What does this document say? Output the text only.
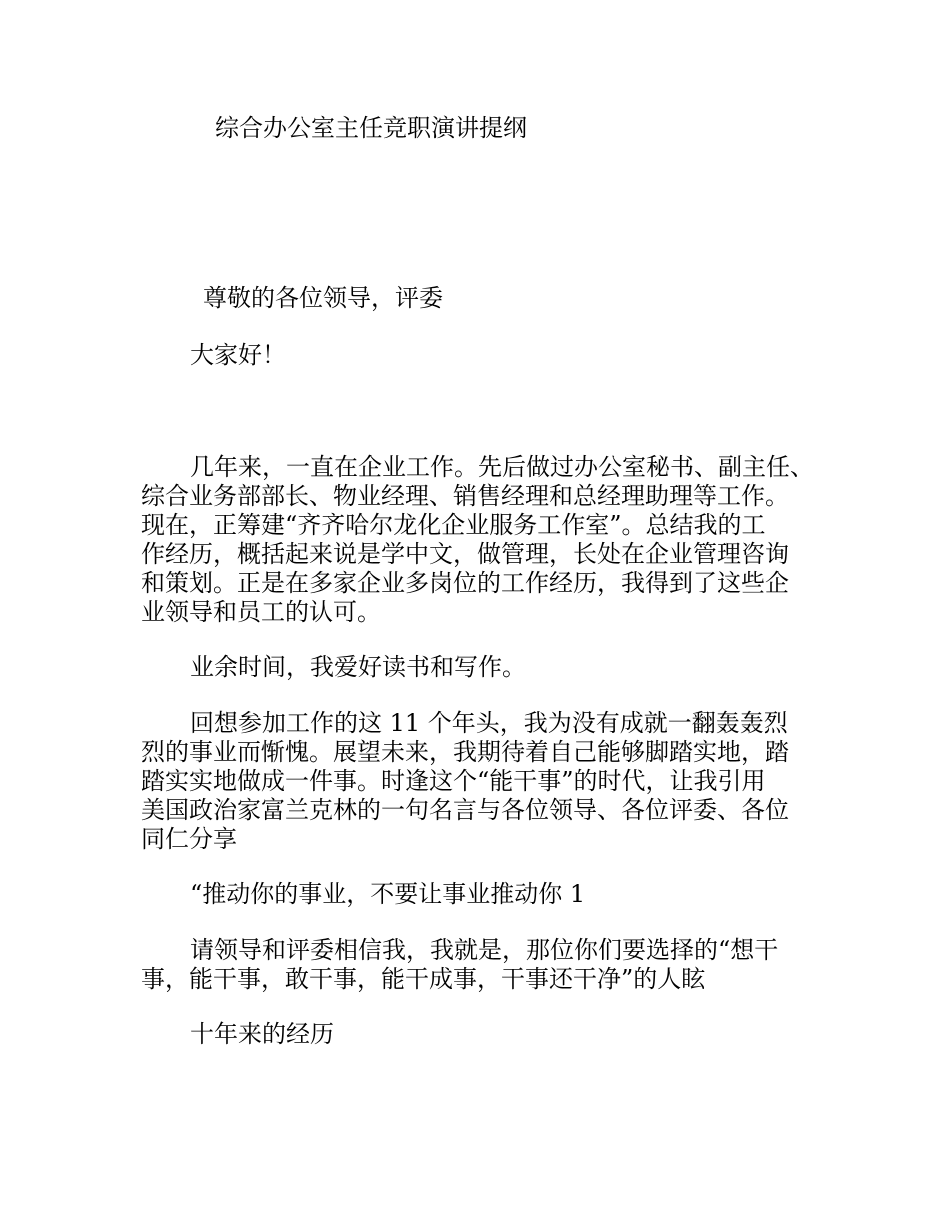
综合办公室主任竞职演讲提纲

尊敬的各位领导，评委

大家好！

几年来，一直在企业工作。先后做过办公室秘书、副主任、
综合业务部部长、物业经理、销售经理和总经理助理等工作。
现在，正筹建“齐齐哈尔龙化企业服务工作室”。总结我的工
作经历，概括起来说是学中文，做管理，长处在企业管理咨询
和策划。正是在多家企业多岗位的工作经历，我得到了这些企
业领导和员工的认可。

业余时间，我爱好读书和写作。

回想参加工作的这 11 个年头，我为没有成就一翻轰轰烈
烈的事业而惭愧。展望未来，我期待着自己能够脚踏实地，踏
踏实实地做成一件事。时逢这个“能干事”的时代，让我引用
美国政治家富兰克林的一句名言与各位领导、各位评委、各位
同仁分享

“推动你的事业，不要让事业推动你 1

请领导和评委相信我，我就是，那位你们要选择的“想干
事，能干事，敢干事，能干成事，干事还干净”的人眩

十年来的经历
